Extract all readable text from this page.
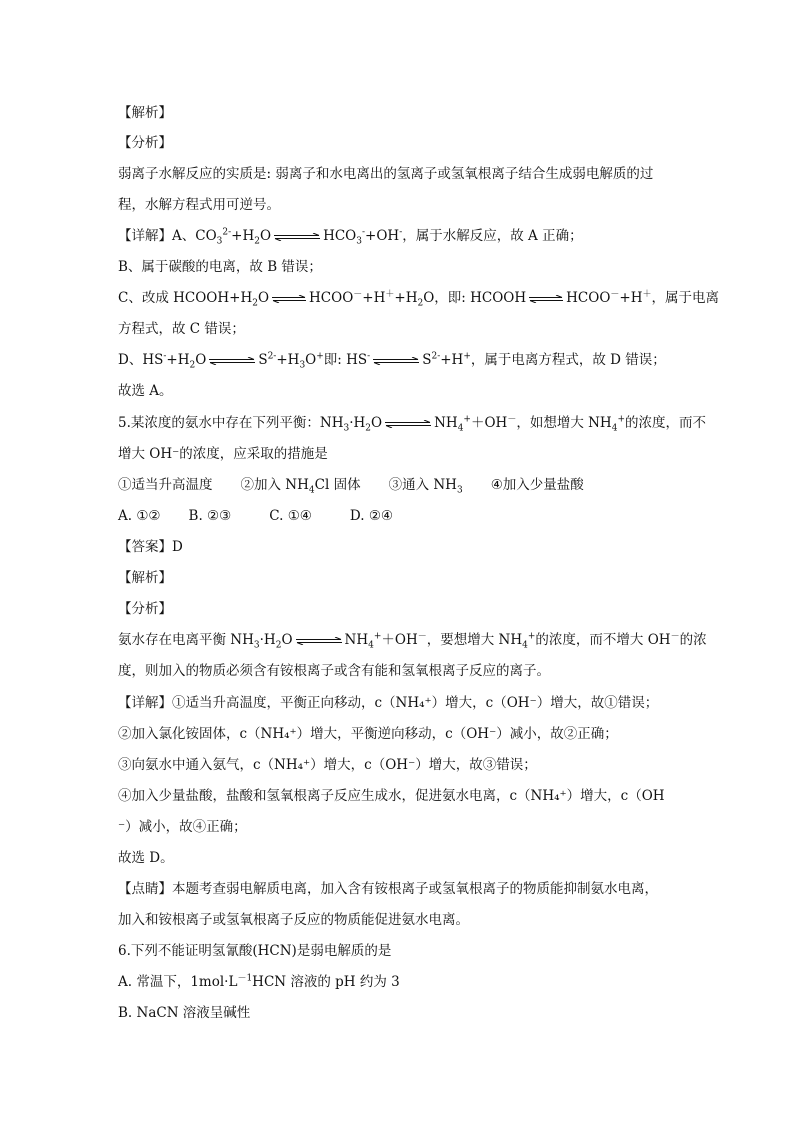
【解析】
【分析】
弱离子水解反应的实质是: 弱离子和水电离出的氢离子或氢氧根离子结合生成弱电解质的过
程，水解方程式用可逆号。
【详解】A、$CO_3^{2-}+H_2O$ ⇌ $HCO_3^-+OH^-$，属于水解反应，故 A 正确；
B、属于碳酸的电离，故 B 错误；
C、改成 $HCOOH+H_2O$ ⇌ $HCOO^-+H^++H_2O$，即: HCOOH ⇌ HCOO－+H＋，属于电离
方程式，故 C 错误；
D、$HS^-+H_2O$ ⇌ $S^{2-}+H_3O^+$即: HS- ⇌ $S^{2-}+H^+$，属于电离方程式，故 D 错误；
故选 A。
5.某浓度的氨水中存在下列平衡：$NH_3\cdot H_2O$ ⇌ $NH_4^++OH^-$，如想增大 $NH_4^+$的浓度，而不
增大 OH⁻的浓度，应采取的措施是
①适当升高温度 ②加入 $NH_4Cl$ 固体 ③通入 $NH_3$ ④加入少量盐酸
A. ①② B. ②③	C. ①④	D. ②④
【答案】D
【解析】
【分析】
氨水存在电离平衡 $NH_3\cdot H_2O$ ⇌ $NH_4^++OH^-$，要想增大 $NH_4^+$的浓度，而不增大 OH－的浓
度，则加入的物质必须含有铵根离子或含有能和氢氧根离子反应的离子。
【详解】①适当升高温度，平衡正向移动，c（NH₄⁺）增大，c（OH⁻）增大，故①错误；
②加入氯化铵固体，c（NH₄⁺）增大，平衡逆向移动，c（OH⁻）减小，故②正确；
③向氨水中通入氨气，c（NH₄⁺）增大，c（OH⁻）增大，故③错误；
④加入少量盐酸，盐酸和氢氧根离子反应生成水，促进氨水电离，c（NH₄⁺）增大，c（OH
⁻）减小，故④正确；
故选 D。
【点睛】本题考查弱电解质电离，加入含有铵根离子或氢氧根离子的物质能抑制氨水电离，
加入和铵根离子或氢氧根离子反应的物质能促进氨水电离。
6.下列不能证明氢氰酸(HCN)是弱电解质的是
A. 常温下，$1mol\cdot L^{-1}HCN$ 溶液的 pH 约为 3
B. NaCN 溶液呈碱性
